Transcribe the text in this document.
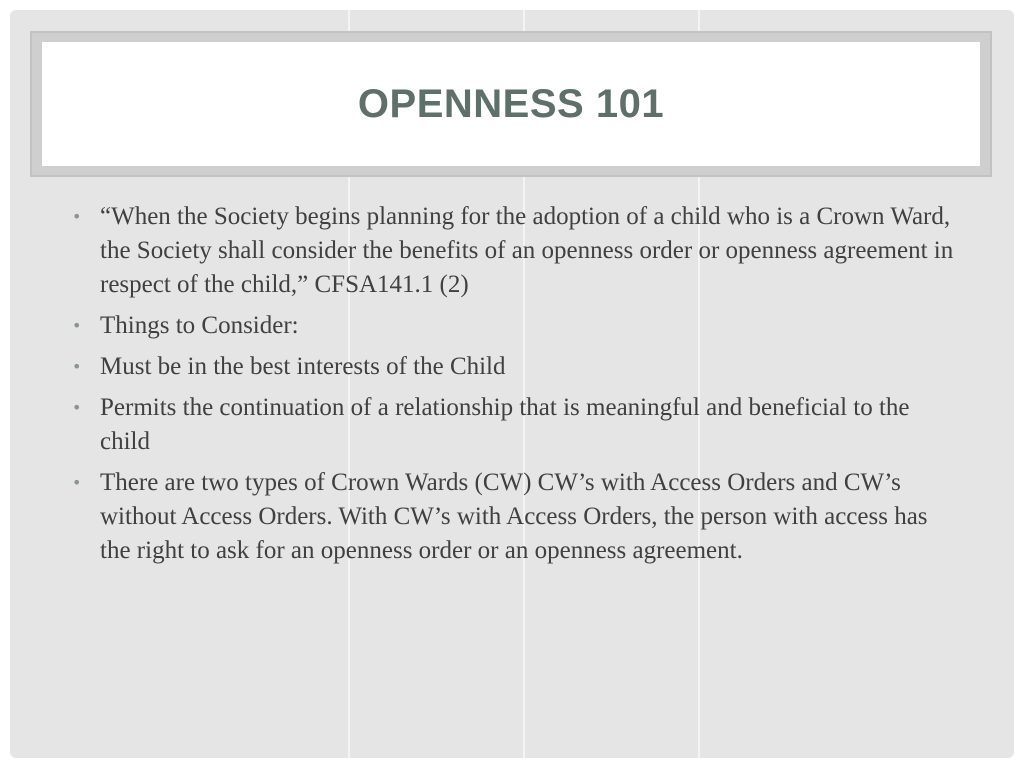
OPENNESS 101
• “When the Society begins planning for the adoption of a child who is a Crown Ward, the Society shall consider the benefits of an openness order or openness agreement in respect of the child,” CFSA141.1 (2)
• Things to Consider:
• Must be in the best interests of the Child
• Permits the continuation of a relationship that is meaningful and beneficial to the child
• There are two types of Crown Wards (CW) CW’s with Access Orders and CW’s without Access Orders. With CW’s with Access Orders, the person with access has the right to ask for an openness order or an openness agreement.
